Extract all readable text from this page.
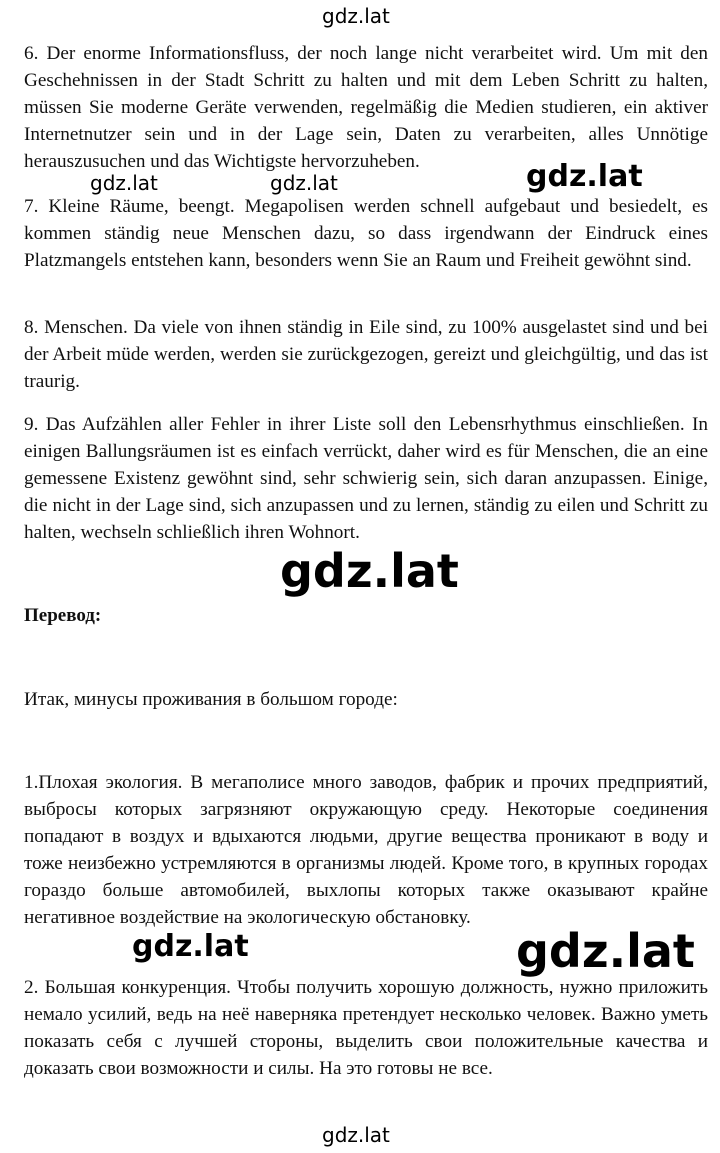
gdz.lat

6. Der enorme Informationsfluss, der noch lange nicht verarbeitet wird. Um mit den Geschehnissen in der Stadt Schritt zu halten und mit dem Leben Schritt zu halten, müssen Sie moderne Geräte verwenden, regelmäßig die Medien studieren, ein aktiver Internetnutzer sein und in der Lage sein, Daten zu verarbeiten, alles Unnötige herauszusuchen und das Wichtigste hervorzuheben.

gdz.lat	gdz.lat	gdz.lat

7. Kleine Räume, beengt. Megapolisen werden schnell aufgebaut und besiedelt, es kommen ständig neue Menschen dazu, so dass irgendwann der Eindruck eines Platzmangels entstehen kann, besonders wenn Sie an Raum und Freiheit gewöhnt sind.

8. Menschen. Da viele von ihnen ständig in Eile sind, zu 100% ausgelastet sind und bei der Arbeit müde werden, werden sie zurückgezogen, gereizt und gleichgültig, und das ist traurig.

9. Das Aufzählen aller Fehler in ihrer Liste soll den Lebensrhythmus einschließen. In einigen Ballungsräumen ist es einfach verrückt, daher wird es für Menschen, die an eine gemessene Existenz gewöhnt sind, sehr schwierig sein, sich daran anzupassen. Einige, die nicht in der Lage sind, sich anzupassen und zu lernen, ständig zu eilen und Schritt zu halten, wechseln schließlich ihren Wohnort.

gdz.lat
Перевод:

Итак, минусы проживания в большом городе:

1.Плохая экология. В мегаполисе много заводов, фабрик и прочих предприятий, выбросы которых загрязняют окружающую среду. Некоторые соединения попадают в воздух и вдыхаются людьми, другие вещества проникают в воду и тоже неизбежно устремляются в организмы людей. Кроме того, в крупных городах гораздо больше автомобилей, выхлопы которых также оказывают крайне негативное воздействие на экологическую обстановку.

gdz.lat	gdz.lat

2. Большая конкуренция. Чтобы получить хорошую должность, нужно приложить немало усилий, ведь на неё наверняка претендует несколько человек. Важно уметь показать себя с лучшей стороны, выделить свои положительные качества и доказать свои возможности и силы. На это готовы не все.

gdz.lat
